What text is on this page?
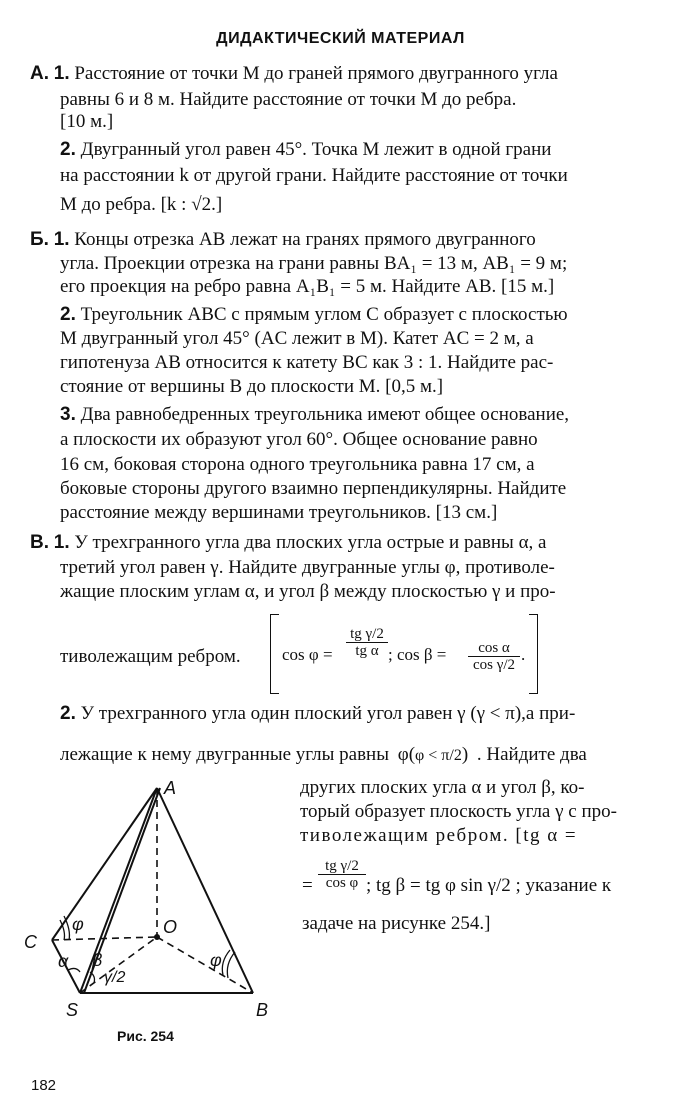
ДИДАКТИЧЕСКИЙ МАТЕРИАЛ
А. 1. Расстояние от точки M до граней прямого двугранного угла
равны 6 и 8 м. Найдите расстояние от точки M до ребра.
[10 м.]
2. Двугранный угол равен 45°. Точка M лежит в одной грани
на расстоянии k от другой грани. Найдите расстояние от точки
M до ребра. [k : √2.]
Б. 1. Концы отрезка AB лежат на гранях прямого двугранного
угла. Проекции отрезка на грани равны BA₁ = 13 м, AB₁ = 9 м;
его проекция на ребро равна A₁B₁ = 5 м. Найдите AB. [15 м.]
2. Треугольник ABC с прямым углом C образует с плоскостью
M двугранный угол 45° (AC лежит в M). Катет AC = 2 м, а
гипотенуза AB относится к катету BC как 3 : 1. Найдите рас-
стояние от вершины B до плоскости M. [0,5 м.]
3. Два равнобедренных треугольника имеют общее основание,
а плоскости их образуют угол 60°. Общее основание равно
16 см, боковая сторона одного треугольника равна 17 см, а
боковые стороны другого взаимно перпендикулярны. Найдите
расстояние между вершинами треугольников. [13 см.]
В. 1. У трехгранного угла два плоских угла острые и равны α, а
третий угол равен γ. Найдите двугранные углы φ, противоле-
жащие плоским углам α, и угол β между плоскостью γ и про-
тиволежащим ребром. $\cos \varphi = \frac{\text{tg γ/2}}{\text{tg α}}$ ; $\cos \beta = \frac{\text{cos α}}{\text{cos γ/2}}$ .
2. У трехгранного угла один плоский угол равен γ (γ < π),а при-
лежащие к нему двугранные углы равны φ(φ < π/2) . Найдите два
других плоских угла α и угол β, ко-
торый образует плоскость угла γ с про-
тиволежащим ребром. [tg α =
= $\frac{\text{tg γ/2}}{\text{cos φ}}$ ; tg β = tg φ sin γ/2 ; указание к
задаче на рисунке 254.]
A
C
O
S	B
φ
φ
α β
γ/2
Рис. 254
182
